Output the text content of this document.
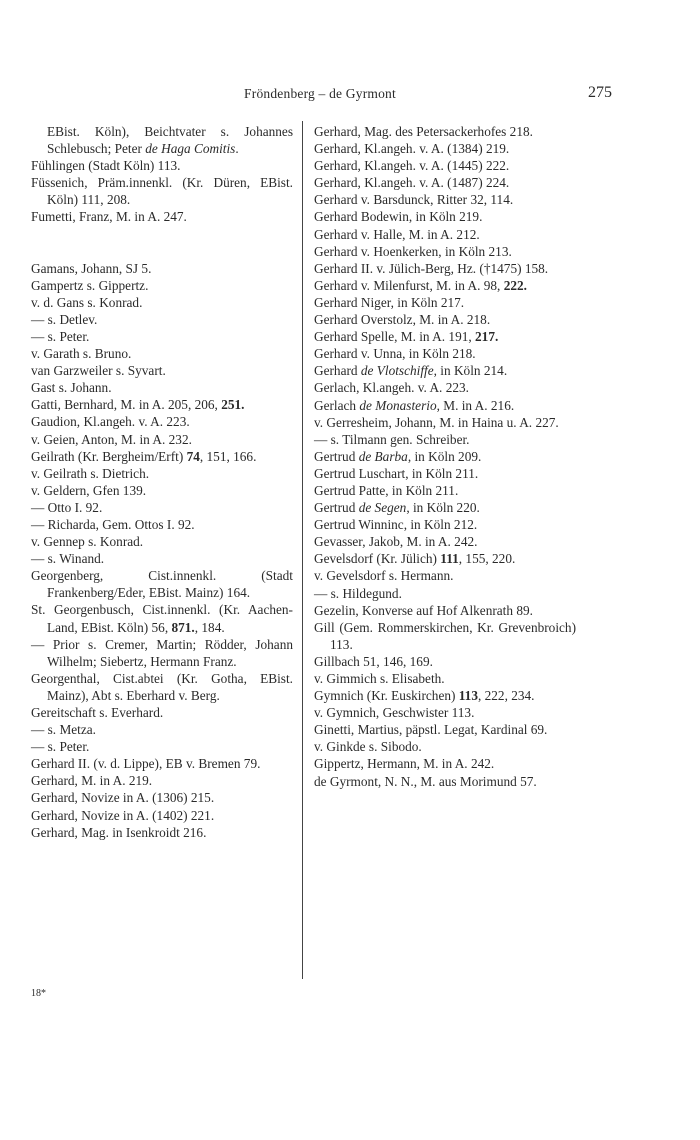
Fröndenberg – de Gyrmont	275
EBist. Köln), Beichtvater s. Johannes Schlebusch; Peter de Haga Comitis.
Fühlingen (Stadt Köln) 113.
Füssenich, Präm.innenkl. (Kr. Düren, EBist. Köln) 111, 208.
Fumetti, Franz, M. in A. 247.
Gamans, Johann, SJ 5.
Gampertz s. Gippertz.
v. d. Gans s. Konrad.
— s. Detlev.
— s. Peter.
v. Garath s. Bruno.
van Garzweiler s. Syvart.
Gast s. Johann.
Gatti, Bernhard, M. in A. 205, 206, 251.
Gaudion, Kl.angeh. v. A. 223.
v. Geien, Anton, M. in A. 232.
Geilrath (Kr. Bergheim/Erft) 74, 151, 166.
v. Geilrath s. Dietrich.
v. Geldern, Gfen 139.
— Otto I. 92.
— Richarda, Gem. Ottos I. 92.
v. Gennep s. Konrad.
— s. Winand.
Georgenberg, Cist.innenkl. (Stadt Frankenberg/Eder, EBist. Mainz) 164.
St. Georgenbusch, Cist.innenkl. (Kr. Aachen-Land, EBist. Köln) 56, 871., 184.
— Prior s. Cremer, Martin; Rödder, Johann Wilhelm; Siebertz, Hermann Franz.
Georgenthal, Cist.abtei (Kr. Gotha, EBist. Mainz), Abt s. Eberhard v. Berg.
Gereitschaft s. Everhard.
— s. Metza.
— s. Peter.
Gerhard II. (v. d. Lippe), EB v. Bremen 79.
Gerhard, M. in A. 219.
Gerhard, Novize in A. (1306) 215.
Gerhard, Novize in A. (1402) 221.
Gerhard, Mag. in Isenkroidt 216.
Gerhard, Mag. des Petersackerhofes 218.
Gerhard, Kl.angeh. v. A. (1384) 219.
Gerhard, Kl.angeh. v. A. (1445) 222.
Gerhard, Kl.angeh. v. A. (1487) 224.
Gerhard v. Barsdunck, Ritter 32, 114.
Gerhard Bodewin, in Köln 219.
Gerhard v. Halle, M. in A. 212.
Gerhard v. Hoenkerken, in Köln 213.
Gerhard II. v. Jülich-Berg, Hz. (†1475) 158.
Gerhard v. Milenfurst, M. in A. 98, 222.
Gerhard Niger, in Köln 217.
Gerhard Overstolz, M. in A. 218.
Gerhard Spelle, M. in A. 191, 217.
Gerhard v. Unna, in Köln 218.
Gerhard de Vlotschiffe, in Köln 214.
Gerlach, Kl.angeh. v. A. 223.
Gerlach de Monasterio, M. in A. 216.
v. Gerresheim, Johann, M. in Haina u. A. 227.
— s. Tilmann gen. Schreiber.
Gertrud de Barba, in Köln 209.
Gertrud Luschart, in Köln 211.
Gertrud Patte, in Köln 211.
Gertrud de Segen, in Köln 220.
Gertrud Winninc, in Köln 212.
Gevasser, Jakob, M. in A. 242.
Gevelsdorf (Kr. Jülich) 111, 155, 220.
v. Gevelsdorf s. Hermann.
— s. Hildegund.
Gezelin, Konverse auf Hof Alkenrath 89.
Gill (Gem. Rommerskirchen, Kr. Grevenbroich) 113.
Gillbach 51, 146, 169.
v. Gimmich s. Elisabeth.
Gymnich (Kr. Euskirchen) 113, 222, 234.
v. Gymnich, Geschwister 113.
Ginetti, Martius, päpstl. Legat, Kardinal 69.
v. Ginkde s. Sibodo.
Gippertz, Hermann, M. in A. 242.
de Gyrmont, N. N., M. aus Morimund 57.
18*
